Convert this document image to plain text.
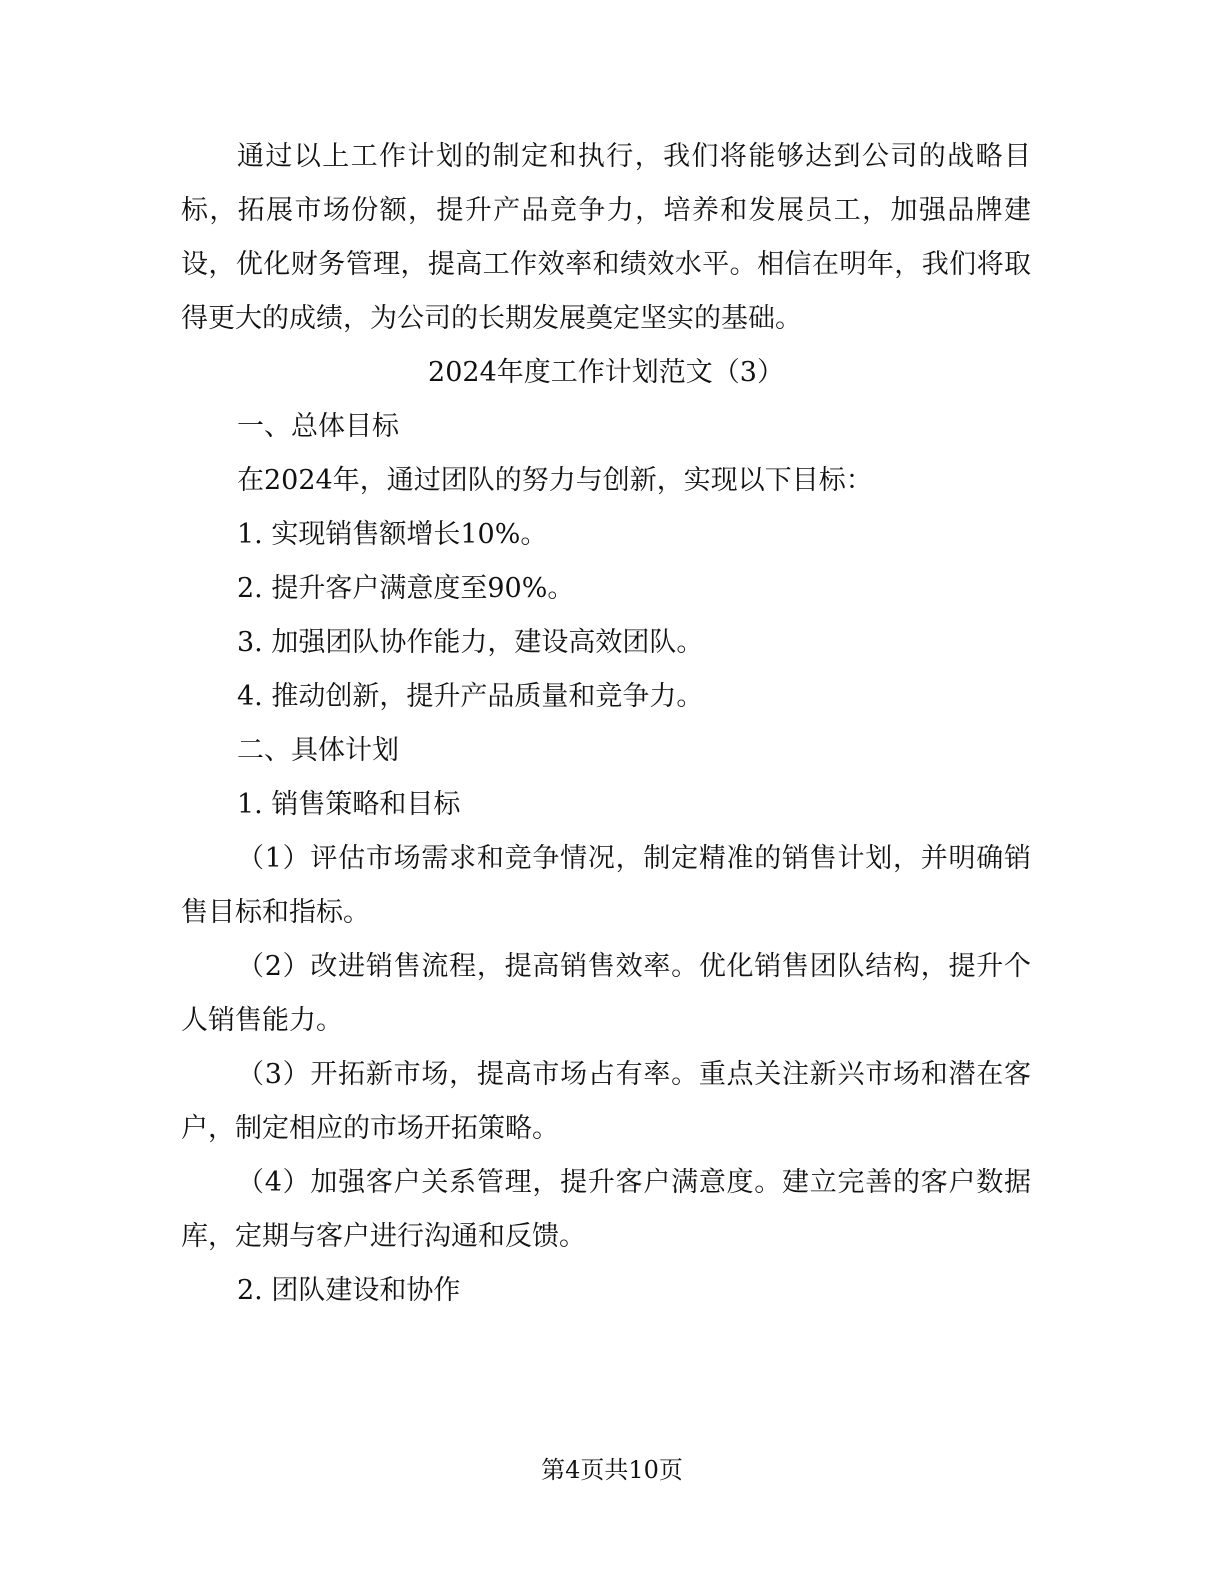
通过以上工作计划的制定和执行，我们将能够达到公司的战略目标，拓展市场份额，提升产品竞争力，培养和发展员工，加强品牌建设，优化财务管理，提高工作效率和绩效水平。相信在明年，我们将取得更大的成绩，为公司的长期发展奠定坚实的基础。

2024年度工作计划范文（3）

一、总体目标

在2024年，通过团队的努力与创新，实现以下目标：

1. 实现销售额增长10%。

2. 提升客户满意度至90%。

3. 加强团队协作能力，建设高效团队。

4. 推动创新，提升产品质量和竞争力。

二、具体计划

1. 销售策略和目标

（1）评估市场需求和竞争情况，制定精准的销售计划，并明确销售目标和指标。

（2）改进销售流程，提高销售效率。优化销售团队结构，提升个人销售能力。

（3）开拓新市场，提高市场占有率。重点关注新兴市场和潜在客户，制定相应的市场开拓策略。

（4）加强客户关系管理，提升客户满意度。建立完善的客户数据库，定期与客户进行沟通和反馈。

2. 团队建设和协作

第4页共10页
